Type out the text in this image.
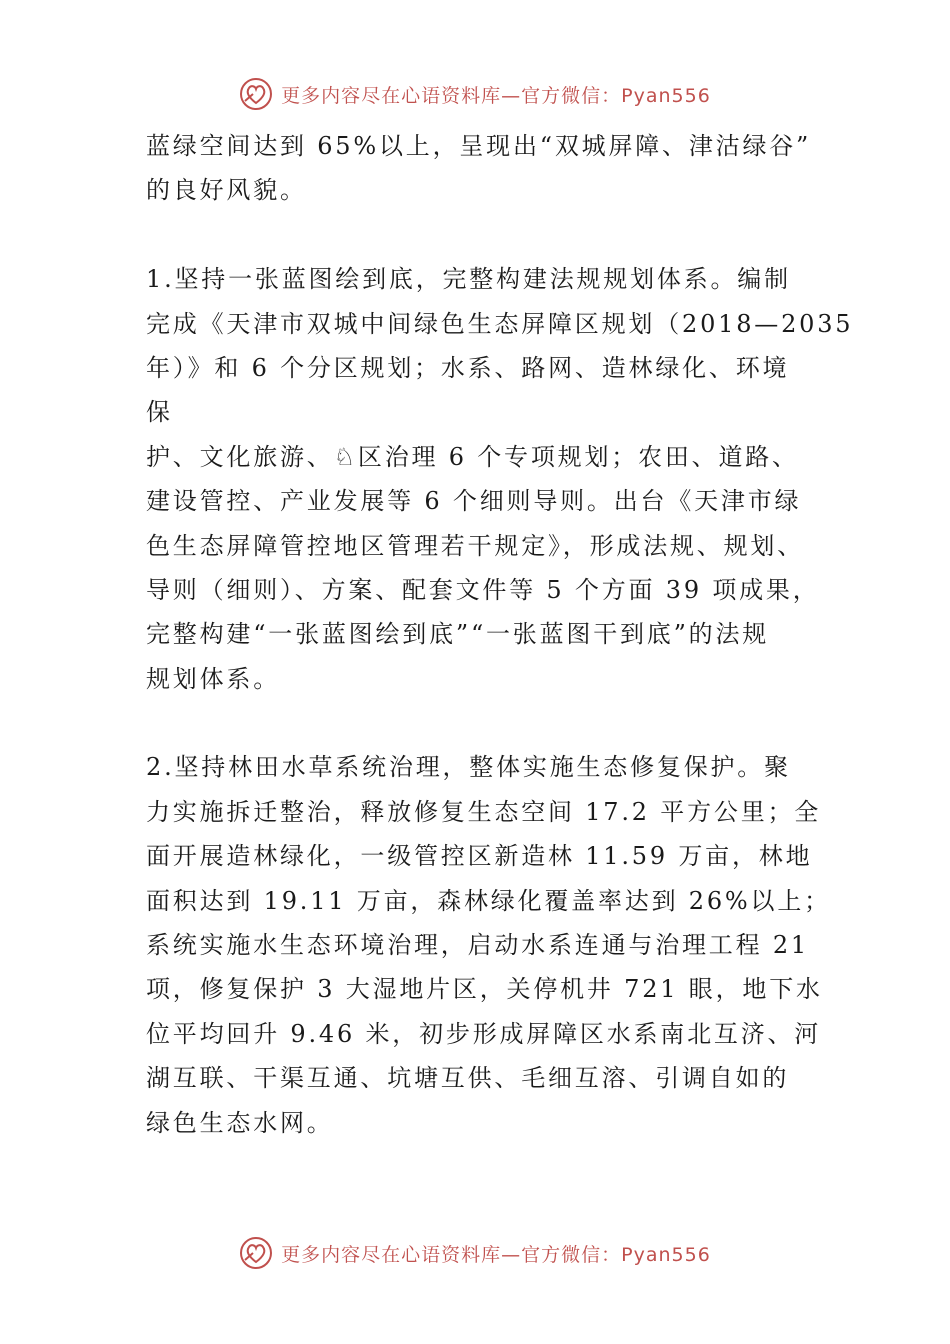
更多内容尽在心语资料库—官方微信：Pyan556
蓝绿空间达到 65%以上，呈现出“双城屏障、津沽绿谷”
的良好风貌。
1.坚持一张蓝图绘到底，完整构建法规规划体系。编制
完成《天津市双城中间绿色生态屏障区规划（2018—2035
年）》和 6 个分区规划；水系、路网、造林绿化、环境
保
护、文化旅游、♘区治理 6 个专项规划；农田、道路、
建设管控、产业发展等 6 个细则导则。出台《天津市绿
色生态屏障管控地区管理若干规定》，形成法规、规划、
导则（细则）、方案、配套文件等 5 个方面 39 项成果，
完整构建“一张蓝图绘到底”“一张蓝图干到底”的法规
规划体系。
2.坚持林田水草系统治理，整体实施生态修复保护。聚
力实施拆迁整治，释放修复生态空间 17.2 平方公里；全
面开展造林绿化，一级管控区新造林 11.59 万亩，林地
面积达到 19.11 万亩，森林绿化覆盖率达到 26%以上；
系统实施水生态环境治理，启动水系连通与治理工程 21
项，修复保护 3 大湿地片区，关停机井 721 眼，地下水
位平均回升 9.46 米，初步形成屏障区水系南北互济、河
湖互联、干渠互通、坑塘互供、毛细互溶、引调自如的
绿色生态水网。
更多内容尽在心语资料库—官方微信：Pyan556
